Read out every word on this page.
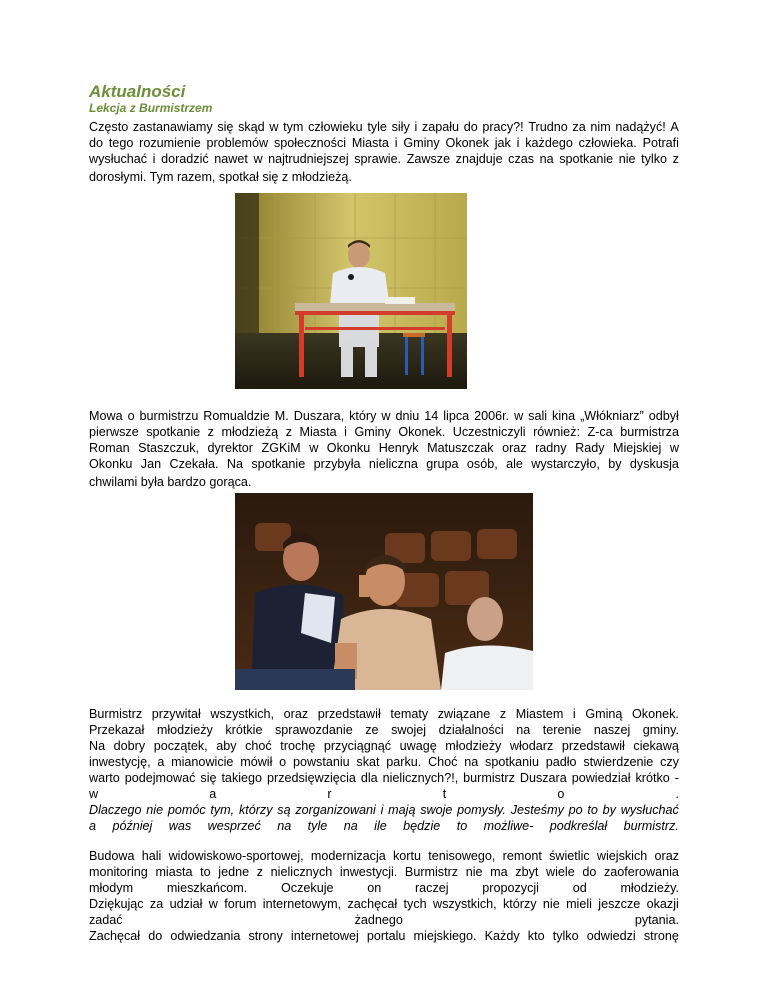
Aktualności
Lekcja z Burmistrzem
Często zastanawiamy się skąd w tym człowieku tyle siły i zapału do pracy?! Trudno za nim nadążyć! A
do tego rozumienie problemów społeczności Miasta i Gminy Okonek jak i każdego człowieka. Potrafi
wysłuchać i doradzić nawet w najtrudniejszej sprawie. Zawsze znajduje czas na spotkanie nie tylko z
dorosłymi. Tym razem, spotkał się z młodzieżą.
Mowa o burmistrzu Romualdzie M. Duszara, który w dniu 14 lipca 2006r. w sali kina „Włókniarz” odbył
pierwsze spotkanie z młodzieżą z Miasta i Gminy Okonek. Uczestniczyli również: Z-ca burmistrza
Roman Staszczuk, dyrektor ZGKiM w Okonku Henryk Matuszczak oraz radny Rady Miejskiej w
Okonku Jan Czekała. Na spotkanie przybyła nieliczna grupa osób, ale wystarczyło, by dyskusja
chwilami była bardzo gorąca.
Burmistrz przywitał wszystkich, oraz przedstawił tematy związane z Miastem i Gminą Okonek.
Przekazał młodzieży krótkie sprawozdanie ze swojej działalności na terenie naszej gminy.
Na dobry początek, aby choć trochę przyciągnąć uwagę młodzieży włodarz przedstawił ciekawą
inwestycję, a mianowicie mówił o powstaniu skat parku. Choć na spotkaniu padło stwierdzenie czy
warto podejmować się takiego przedsięwzięcia dla nielicznych?!, burmistrz Duszara powiedział krótko -
w	a	r	t	o	.
Dlaczego nie pomóc tym, którzy są zorganizowani i mają swoje pomysły. Jesteśmy po to by wysłuchać
a później was wesprzeć na tyle na ile będzie to możliwe- podkreślał burmistrz.
Budowa hali widowiskowo-sportowej, modernizacja kortu tenisowego, remont świetlic wiejskich oraz
monitoring miasta to jedne z nielicznych inwestycji. Burmistrz nie ma zbyt wiele do zaoferowania
młodym	mieszkańcom.	Oczekuje	on	raczej	propozycji	od	młodzieży.
Dziękując za udział w forum internetowym, zachęcał tych wszystkich, którzy nie mieli jeszcze okazji
zadać	żadnego	pytania.
Zachęcał do odwiedzania strony internetowej portalu miejskiego. Każdy kto tylko odwiedzi stronę
